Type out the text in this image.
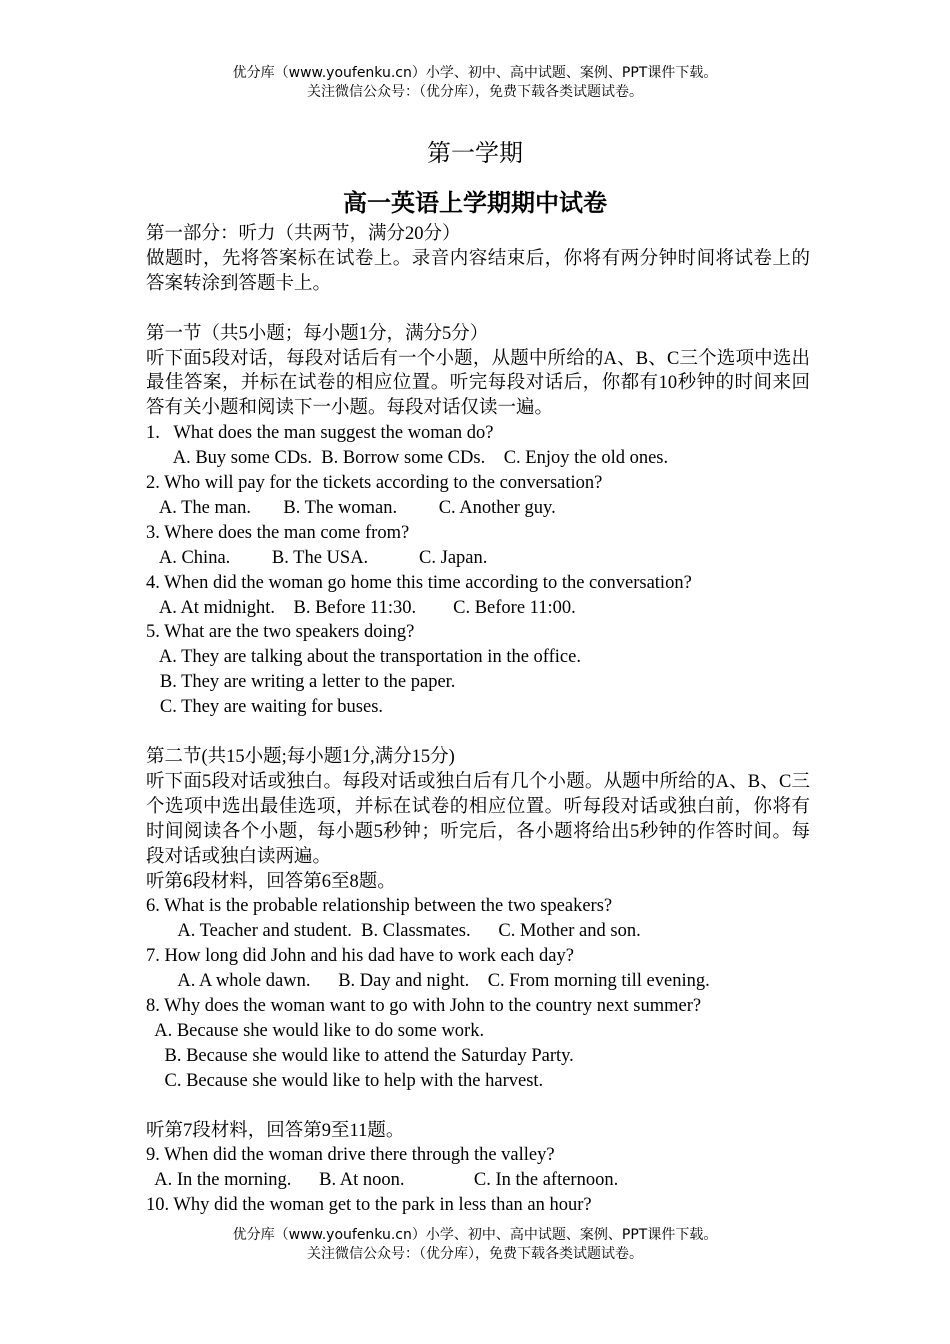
优分库（www.youfenku.cn）小学、初中、高中试题、案例、PPT课件下载。
关注微信公众号：（优分库），免费下载各类试题试卷。
第一学期
高一英语上学期期中试卷

第一部分：听力（共两节，满分20分）

做题时，先将答案标在试卷上。录音内容结束后，你将有两分钟时间将试卷上的答案转涂到答题卡上。

第一节（共5小题；每小题1分，满分5分）

听下面5段对话，每段对话后有一个小题，从题中所给的A、B、C三个选项中选出最佳答案，并标在试卷的相应位置。听完每段对话后，你都有10秒钟的时间来回答有关小题和阅读下一小题。每段对话仅读一遍。

1.   What does the man suggest the woman do?

A. Buy some CDs.  B. Borrow some CDs.    C. Enjoy the old ones.

2. Who will pay for the tickets according to the conversation?

A. The man.       B. The woman.         C. Another guy.

3. Where does the man come from?

A. China.         B. The USA.           C. Japan.

4. When did the woman go home this time according to the conversation?

A. At midnight.    B. Before 11:30.        C. Before 11:00.

5. What are the two speakers doing?

A. They are talking about the transportation in the office.

B. They are writing a letter to the paper.

C. They are waiting for buses.

第二节(共15小题;每小题1分,满分15分)

听下面5段对话或独白。每段对话或独白后有几个小题。从题中所给的A、B、C三个选项中选出最佳选项，并标在试卷的相应位置。听每段对话或独白前，你将有时间阅读各个小题，每小题5秒钟；听完后，各小题将给出5秒钟的作答时间。每段对话或独白读两遍。

听第6段材料，回答第6至8题。

6. What is the probable relationship between the two speakers?

A. Teacher and student.  B. Classmates.      C. Mother and son.

7. How long did John and his dad have to work each day?

A. A whole dawn.      B. Day and night.    C. From morning till evening.

8. Why does the woman want to go with John to the country next summer?

A. Because she would like to do some work.

B. Because she would like to attend the Saturday Party.

C. Because she would like to help with the harvest.

听第7段材料，回答第9至11题。

9. When did the woman drive there through the valley?

A. In the morning.      B. At noon.               C. In the afternoon.

10. Why did the woman get to the park in less than an hour?

优分库（www.youfenku.cn）小学、初中、高中试题、案例、PPT课件下载。
关注微信公众号：（优分库），免费下载各类试题试卷。
